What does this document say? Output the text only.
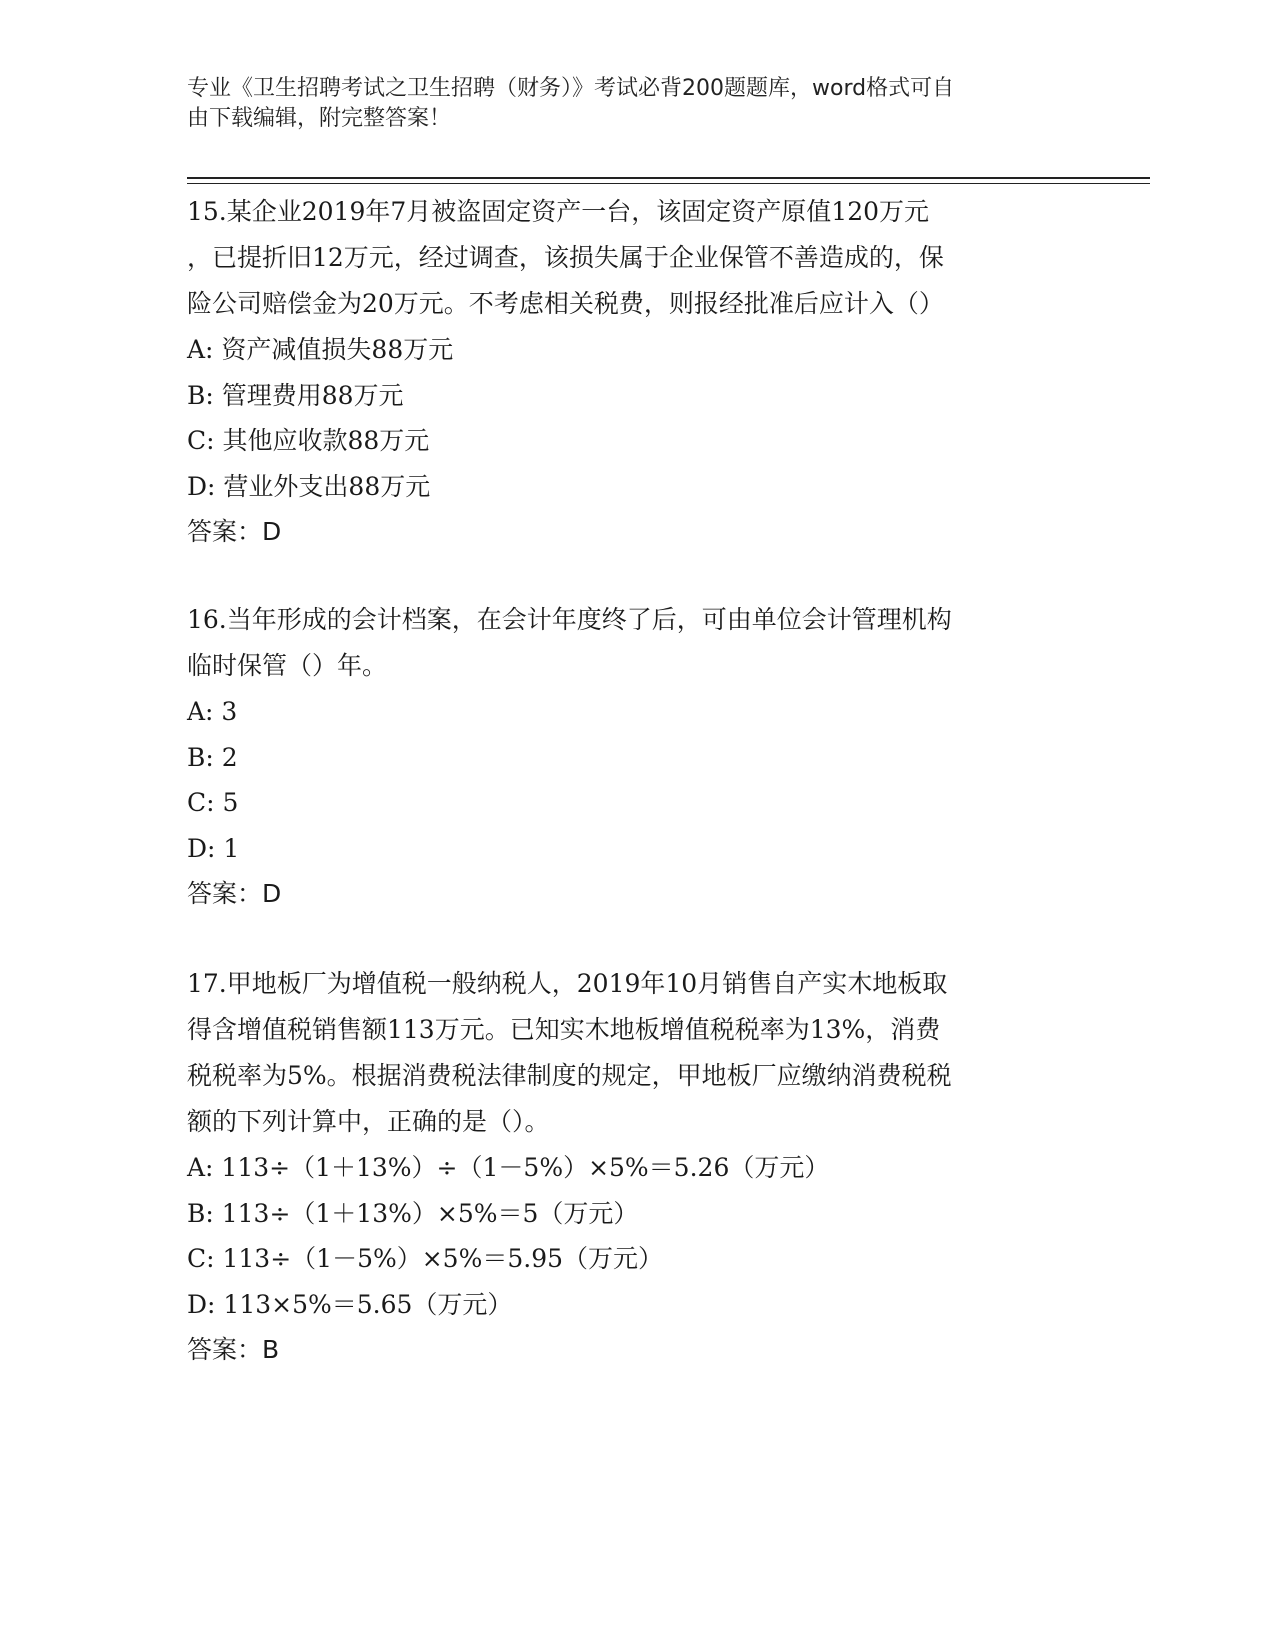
专业《卫生招聘考试之卫生招聘（财务）》考试必背200题题库，word格式可自
由下载编辑，附完整答案！

15.某企业2019年7月被盗固定资产一台，该固定资产原值120万元

，已提折旧12万元，经过调查，该损失属于企业保管不善造成的，保

险公司赔偿金为20万元。不考虑相关税费，则报经批准后应计入（）

A: 资产减值损失88万元

B: 管理费用88万元

C: 其他应收款88万元

D: 营业外支出88万元

答案：D

16.当年形成的会计档案，在会计年度终了后，可由单位会计管理机构

临时保管（）年。

A: 3

B: 2

C: 5

D: 1

答案：D

17.甲地板厂为增值税一般纳税人，2019年10月销售自产实木地板取

得含增值税销售额113万元。已知实木地板增值税税率为13%，消费

税税率为5%。根据消费税法律制度的规定，甲地板厂应缴纳消费税税

额的下列计算中，正确的是（）。

A: 113÷（1＋13%）÷（1－5%）×5%＝5.26（万元）

B: 113÷（1＋13%）×5%＝5（万元）

C: 113÷（1－5%）×5%＝5.95（万元）

D: 113×5%＝5.65（万元）

答案：B
